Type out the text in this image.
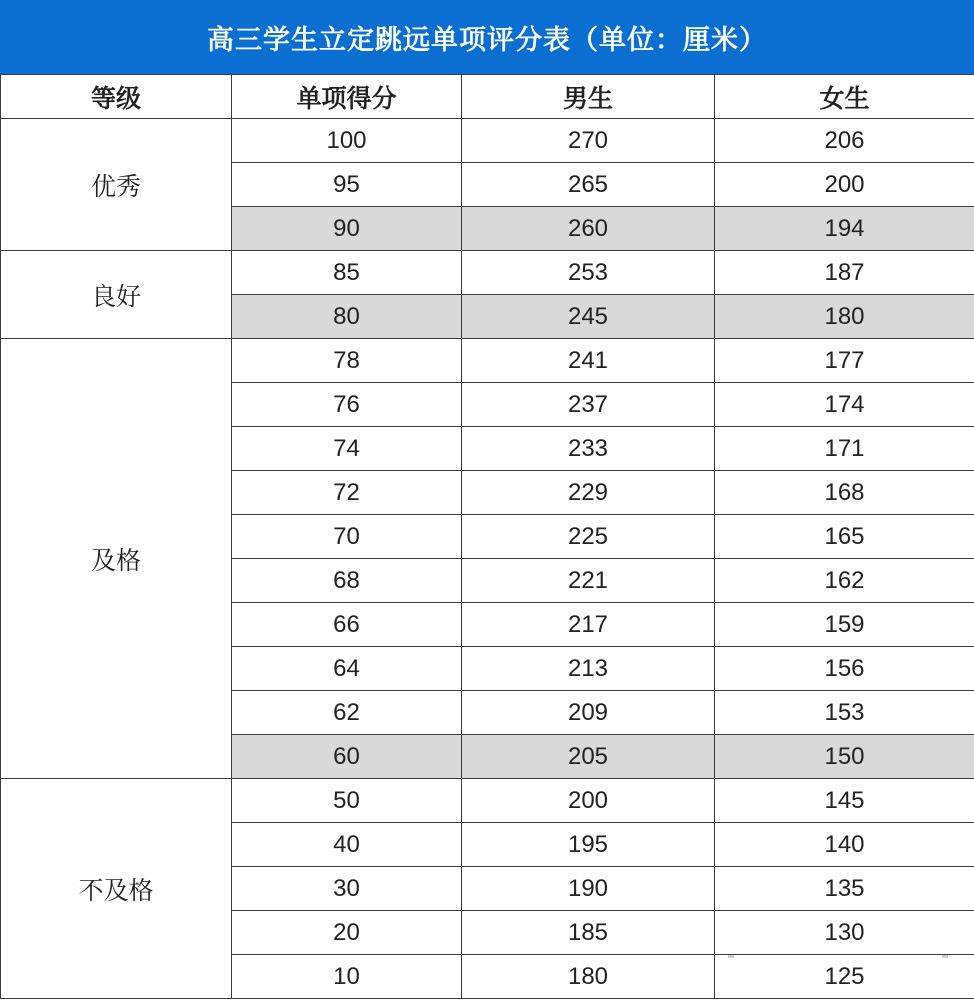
高三学生立定跳远单项评分表（单位：厘米）
等级	单项得分	男生	女生
优秀	100	270	206
	95	265	200
	90	260	194
良好	85	253	187
	80	245	180
及格	78	241	177
	76	237	174
	74	233	171
	72	229	168
	70	225	165
	68	221	162
	66	217	159
	64	213	156
	62	209	153
	60	205	150
不及格	50	200	145
	40	195	140
	30	190	135
	20	185	130
	10	180	125
